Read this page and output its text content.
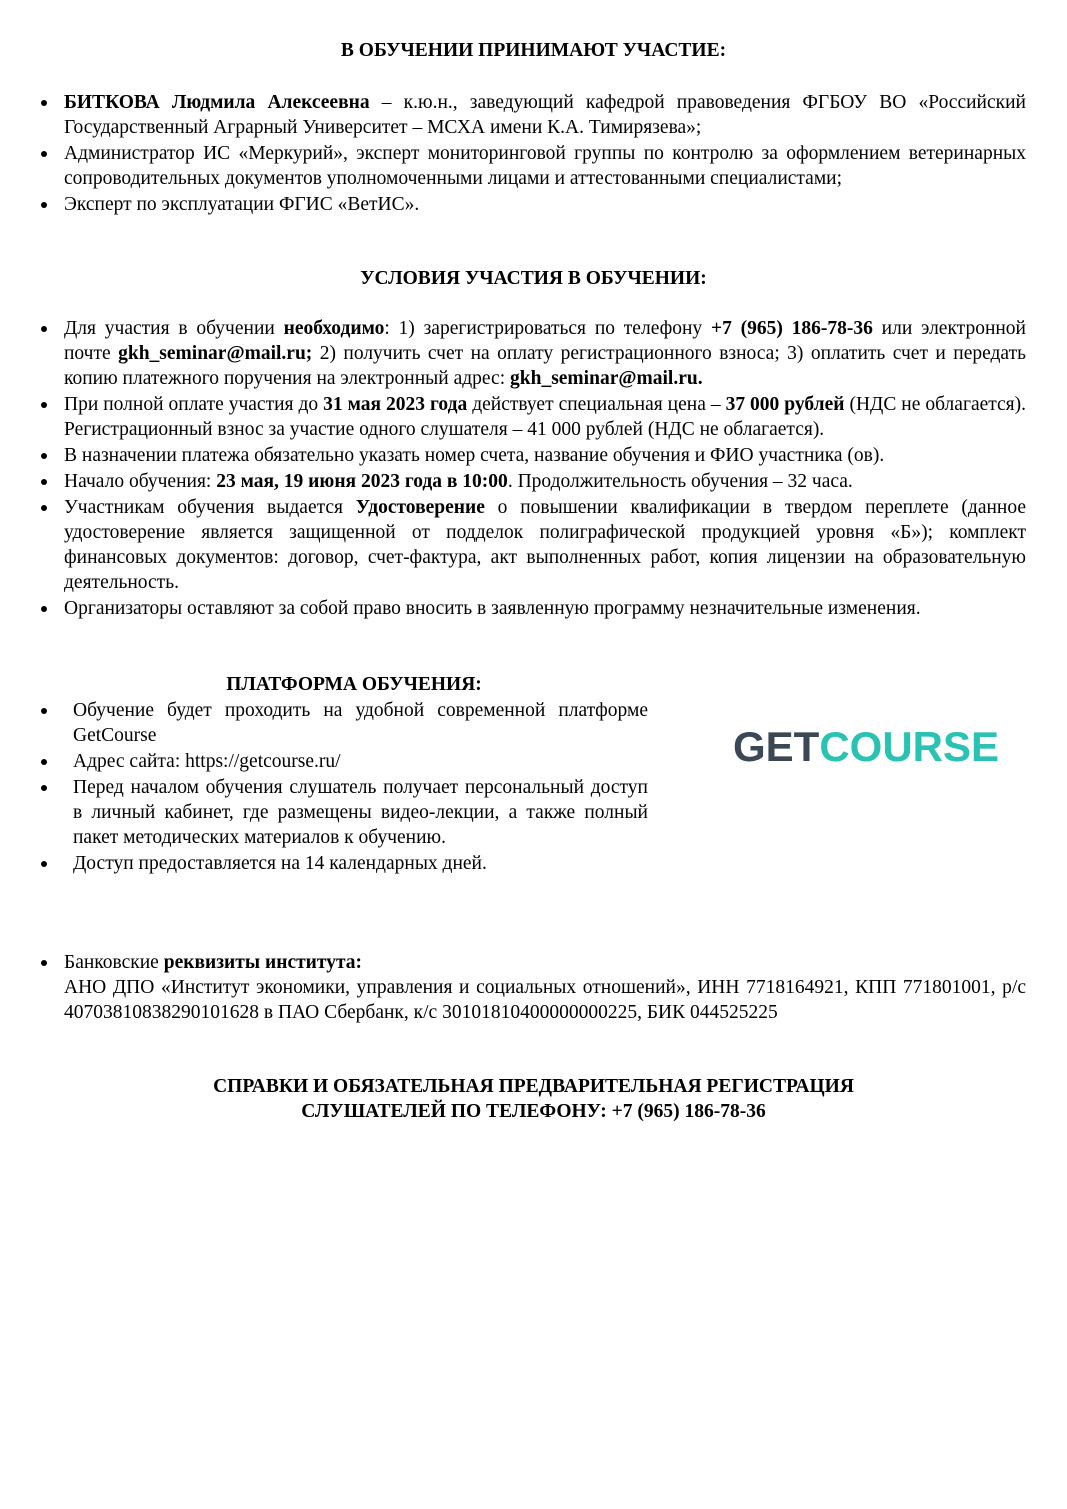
В ОБУЧЕНИИ ПРИНИМАЮТ УЧАСТИЕ:
БИТКОВА Людмила Алексеевна – к.ю.н., заведующий кафедрой правоведения ФГБОУ ВО «Российский Государственный Аграрный Университет – МСХА имени К.А. Тимирязева»;
Администратор ИС «Меркурий», эксперт мониторинговой группы по контролю за оформлением ветеринарных сопроводительных документов уполномоченными лицами и аттестованными специалистами;
Эксперт по эксплуатации ФГИС «ВетИС».
УСЛОВИЯ УЧАСТИЯ В ОБУЧЕНИИ:
Для участия в обучении необходимо: 1) зарегистрироваться по телефону +7 (965) 186-78-36 или электронной почте gkh_seminar@mail.ru; 2) получить счет на оплату регистрационного взноса; 3) оплатить счет и передать копию платежного поручения на электронный адрес: gkh_seminar@mail.ru.
При полной оплате участия до 31 мая 2023 года действует специальная цена – 37 000 рублей (НДС не облагается). Регистрационный взнос за участие одного слушателя – 41 000 рублей (НДС не облагается).
В назначении платежа обязательно указать номер счета, название обучения и ФИО участника (ов).
Начало обучения: 23 мая, 19 июня 2023 года в 10:00. Продолжительность обучения – 32 часа.
Участникам обучения выдается Удостоверение о повышении квалификации в твердом переплете (данное удостоверение является защищенной от подделок полиграфической продукцией уровня «Б»); комплект финансовых документов: договор, счет-фактура, акт выполненных работ, копия лицензии на образовательную деятельность.
Организаторы оставляют за собой право вносить в заявленную программу незначительные изменения.
ПЛАТФОРМА ОБУЧЕНИЯ:
Обучение будет проходить на удобной современной платформе GetCourse
Адрес сайта: https://getcourse.ru/
Перед началом обучения слушатель получает персональный доступ в личный кабинет, где размещены видео-лекции, а также полный пакет методических материалов к обучению.
Доступ предоставляется на 14 календарных дней.
GETCOURSE
Банковские реквизиты института:
АНО ДПО «Институт экономики, управления и социальных отношений», ИНН 7718164921, КПП 771801001, р/с 40703810838290101628 в ПАО Сбербанк, к/с 30101810400000000225, БИК 044525225
СПРАВКИ И ОБЯЗАТЕЛЬНАЯ ПРЕДВАРИТЕЛЬНАЯ РЕГИСТРАЦИЯ
СЛУШАТЕЛЕЙ ПО ТЕЛЕФОНУ: +7 (965) 186-78-36
